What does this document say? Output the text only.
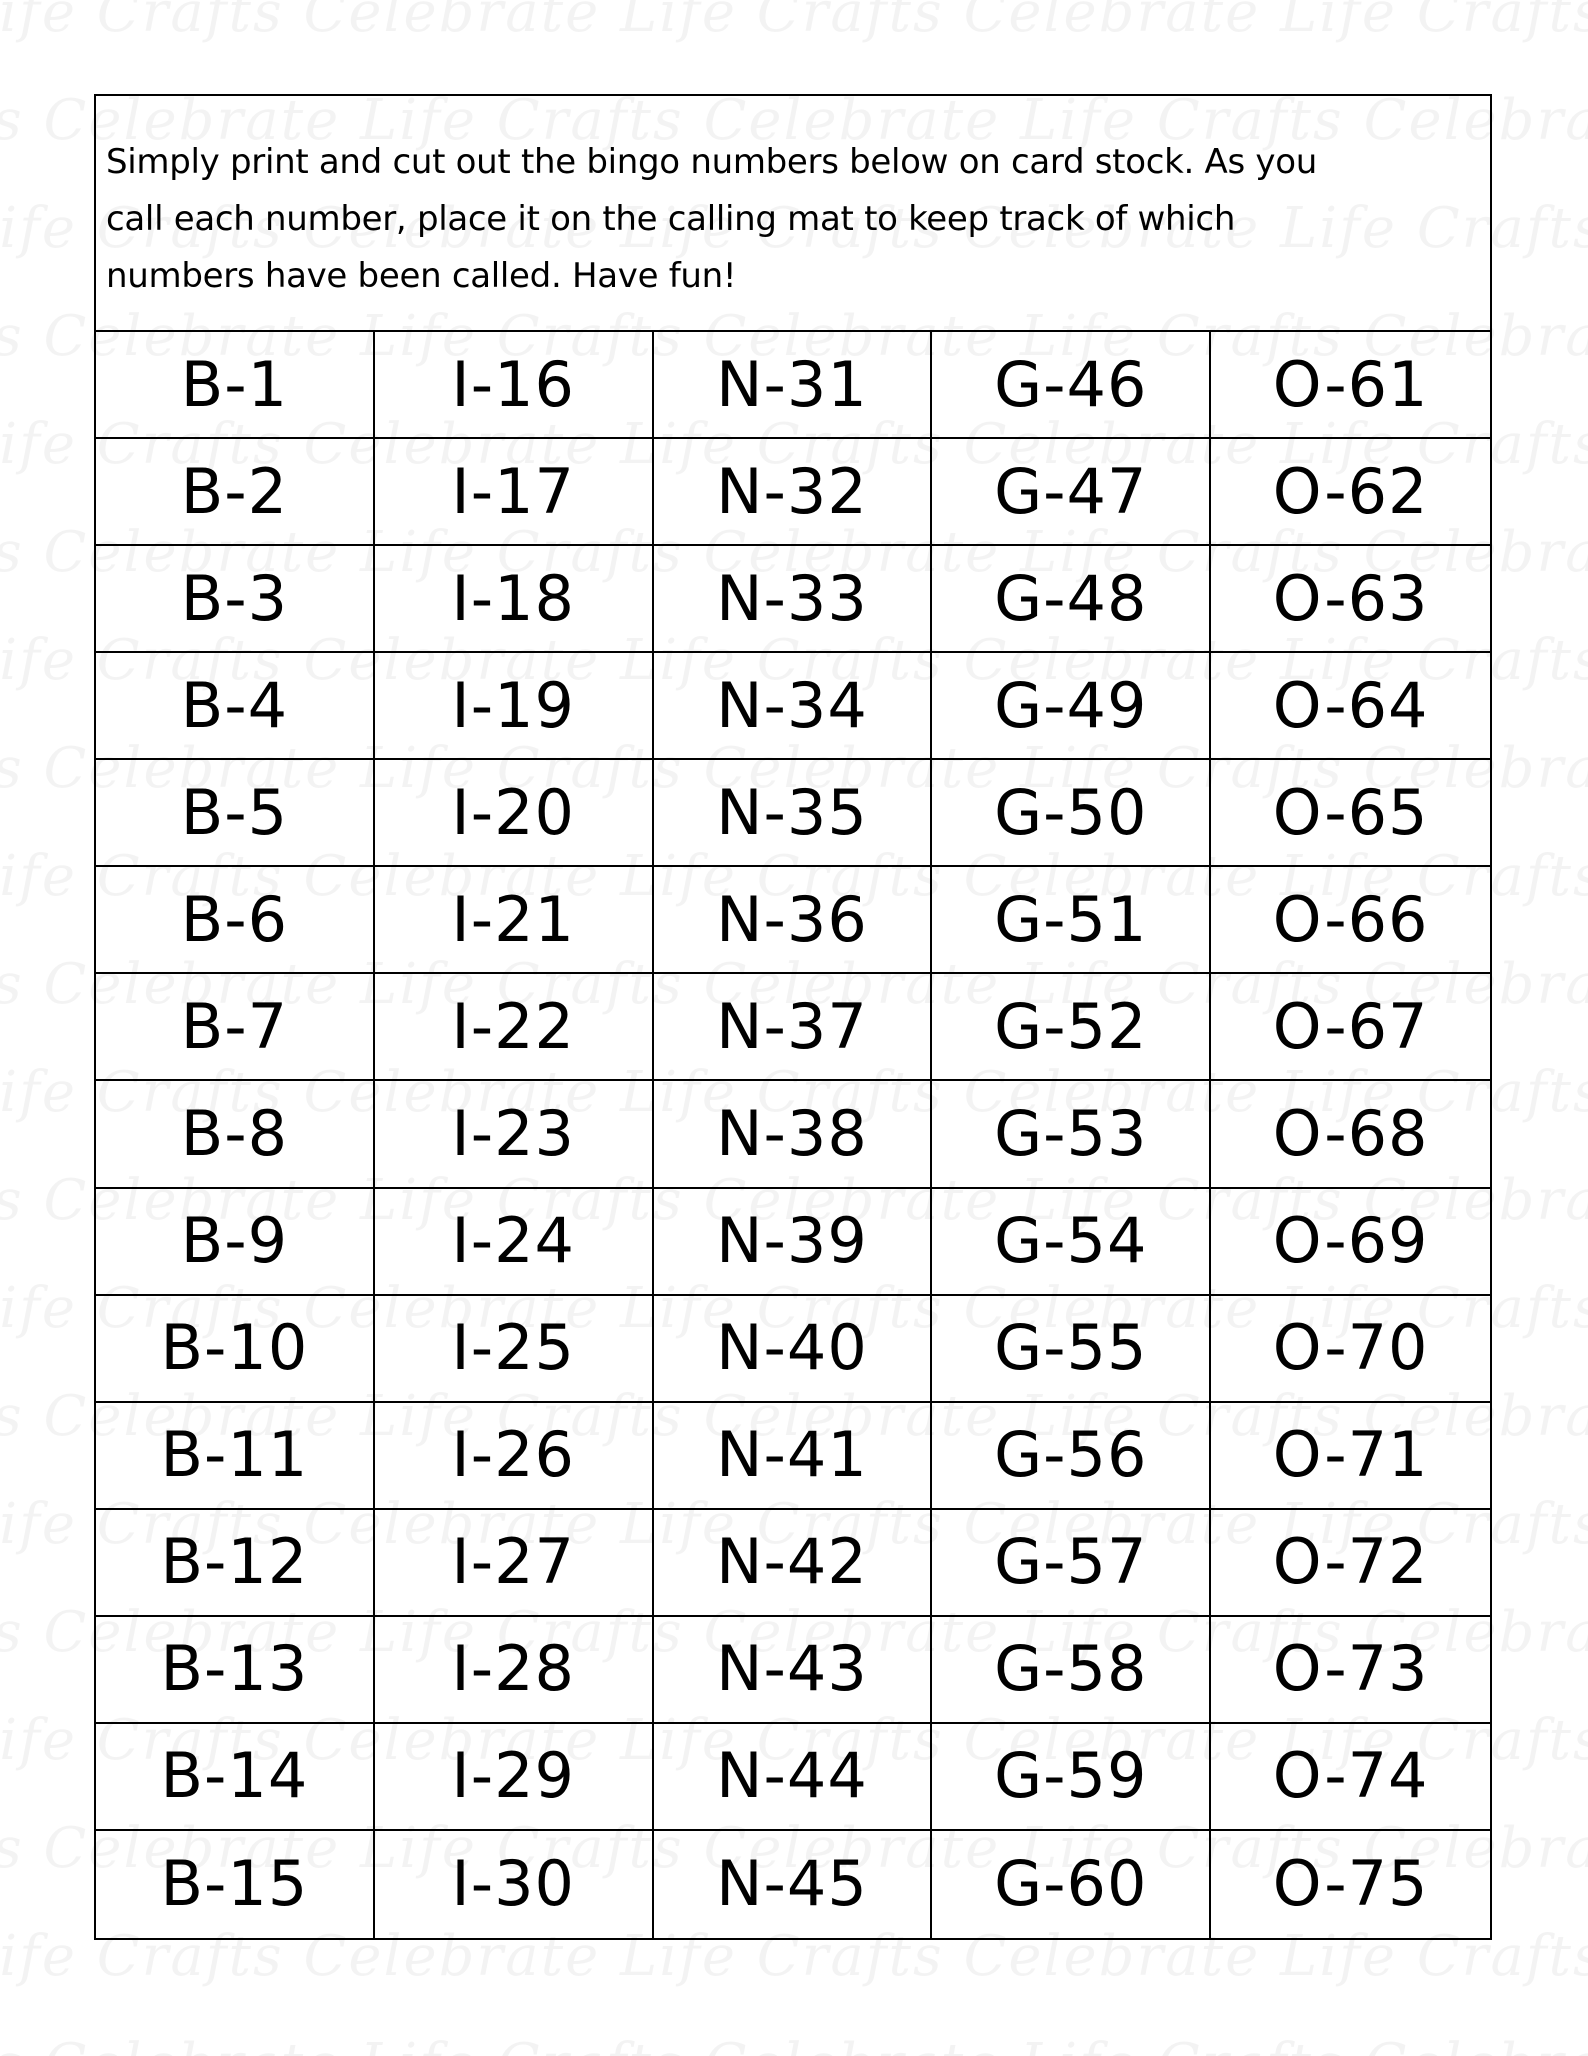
Simply print and cut out the bingo numbers below on card stock. As you
call each number, place it on the calling mat to keep track of which
numbers have been called. Have fun!
B-1	I-16	N-31	G-46	O-61
B-2	I-17	N-32	G-47	O-62
B-3	I-18	N-33	G-48	O-63
B-4	I-19	N-34	G-49	O-64
B-5	I-20	N-35	G-50	O-65
B-6	I-21	N-36	G-51	O-66
B-7	I-22	N-37	G-52	O-67
B-8	I-23	N-38	G-53	O-68
B-9	I-24	N-39	G-54	O-69
B-10	I-25	N-40	G-55	O-70
B-11	I-26	N-41	G-56	O-71
B-12	I-27	N-42	G-57	O-72
B-13	I-28	N-43	G-58	O-73
B-14	I-29	N-44	G-59	O-74
B-15	I-30	N-45	G-60	O-75
